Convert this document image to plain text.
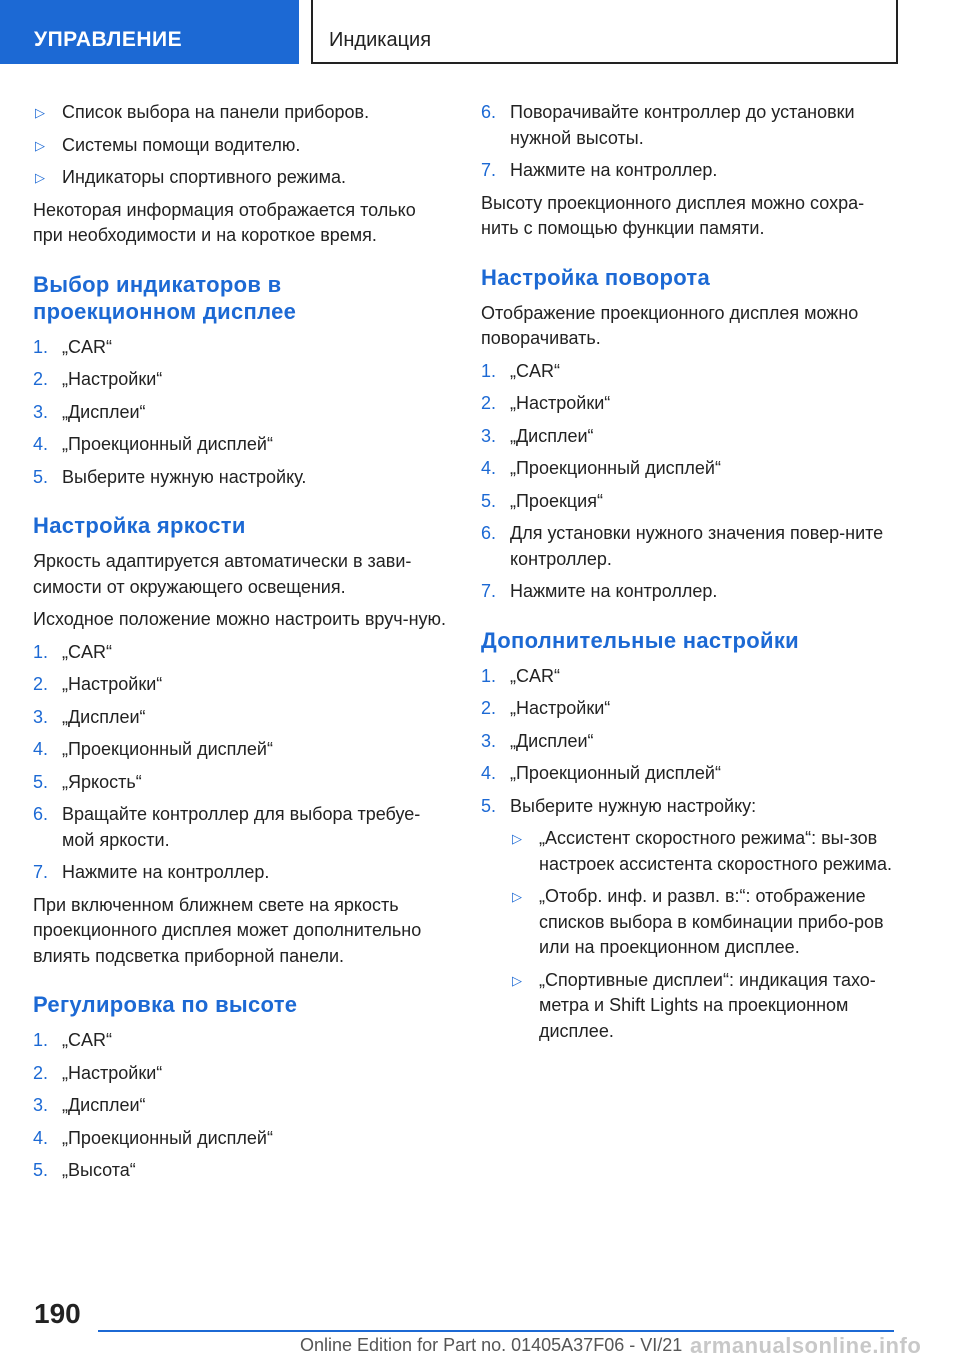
УПРАВЛЕНИЕ	Индикация
▷ Список выбора на панели приборов.
▷ Системы помощи водителю.
▷ Индикаторы спортивного режима.
Некоторая информация отображается только при необходимости и на короткое время.
Выбор индикаторов в проекционном дисплее
1. „CAR“
2. „Настройки“
3. „Дисплеи“
4. „Проекционный дисплей“
5. Выберите нужную настройку.
Настройка яркости
Яркость адаптируется автоматически в зави-симости от окружающего освещения.
Исходное положение можно настроить вруч-ную.
1. „CAR“
2. „Настройки“
3. „Дисплеи“
4. „Проекционный дисплей“
5. „Яркость“
6. Вращайте контроллер для выбора требуе-мой яркости.
7. Нажмите на контроллер.
При включенном ближнем свете на яркость проекционного дисплея может дополнительно влиять подсветка приборной панели.
Регулировка по высоте
1. „CAR“
2. „Настройки“
3. „Дисплеи“
4. „Проекционный дисплей“
5. „Высота“
6. Поворачивайте контроллер до установки нужной высоты.
7. Нажмите на контроллер.
Высоту проекционного дисплея можно сохра-нить с помощью функции памяти.
Настройка поворота
Отображение проекционного дисплея можно поворачивать.
1. „CAR“
2. „Настройки“
3. „Дисплеи“
4. „Проекционный дисплей“
5. „Проекция“
6. Для установки нужного значения повер-ните контроллер.
7. Нажмите на контроллер.
Дополнительные настройки
1. „CAR“
2. „Настройки“
3. „Дисплеи“
4. „Проекционный дисплей“
5. Выберите нужную настройку:
▷ „Ассистент скоростного режима“: вы-зов настроек ассистента скоростного режима.
▷ „Отобр. инф. и развл. в:“: отображение списков выбора в комбинации прибо-ров или на проекционном дисплее.
▷ „Спортивные дисплеи“: индикация тахо-метра и Shift Lights на проекционном дисплее.
190
Online Edition for Part no. 01405A37F06 - VI/21 armanualsonline.info
